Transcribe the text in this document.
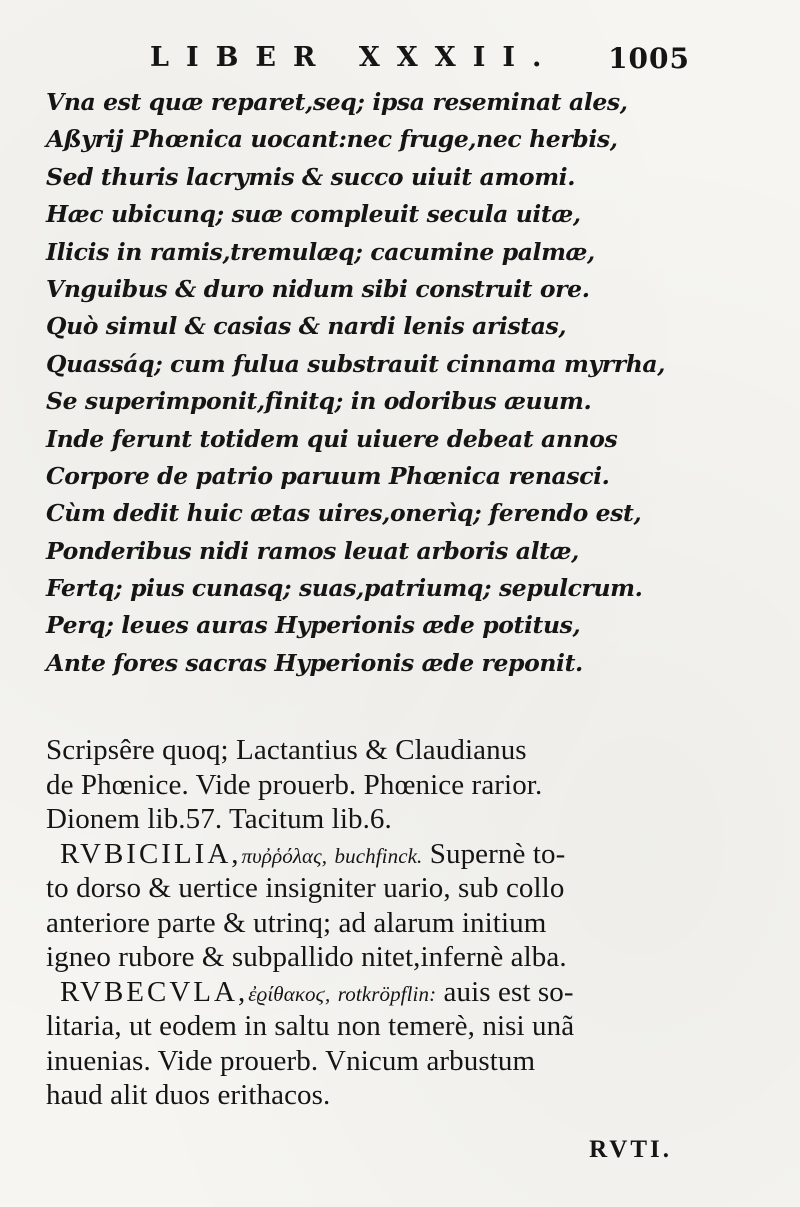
LIBER XXXII. 1005
Vna est quæ reparet,seq; ipsa reseminat ales,
Aßyrij Phœnica uocant:nec fruge,nec herbis,
Sed thuris lacrymis & succo uiuit amomi.
Hæc ubicunq; suæ compleuit secula uitæ,
Ilicis in ramis,tremulæq; cacumine palmæ,
Vnguibus & duro nidum sibi construit ore.
Quò simul & casias & nardi lenis aristas,
Quassáq; cum fulua substrauit cinnama myrrha,
Se superimponit,finitq; in odoribus æuum.
Inde ferunt totidem qui uiuere debeat annos
Corpore de patrio paruum Phœnica renasci.
Cùm dedit huic ætas uires,onerìq; ferendo est,
Ponderibus nidi ramos leuat arboris altæ,
Fertq; pius cunasq; suas,patriumq; sepulcrum.
Perq; leues auras Hyperionis æde potitus,
Ante fores sacras Hyperionis æde reponit.
Scripsêre quoq; Lactantius & Claudianus
de Phœnice. Vide prouerb. Phœnice rarior.
Dionem lib.57. Tacitum lib.6.
RVBICILIA,πυῤῥόλας, buchfinck. Supernè to-
to dorso & uertice insigniter uario, sub collo
anteriore parte & utrinq; ad alarum initium
igneo rubore & subpallido nitet,infernè alba.
RVBECVLA,ἐϱίθακοϛ, rotkröpflin: auis est so-
litaria, ut eodem in saltu non temerè, nisi unã
inuenias. Vide prouerb. Vnicum arbustum
haud alit duos erithacos.
RVTI.
